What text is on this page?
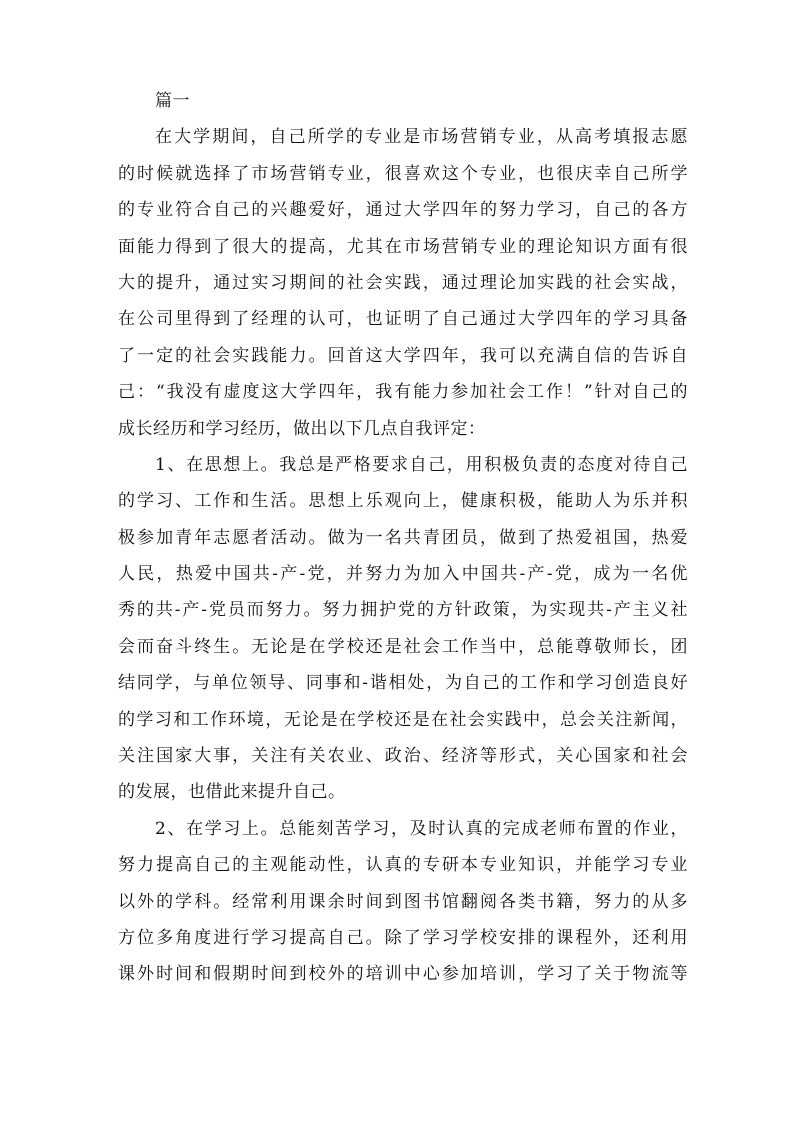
篇一
在大学期间，自己所学的专业是市场营销专业，从高考填报志愿
的时候就选择了市场营销专业，很喜欢这个专业，也很庆幸自己所学
的专业符合自己的兴趣爱好，通过大学四年的努力学习，自己的各方
面能力得到了很大的提高，尤其在市场营销专业的理论知识方面有很
大的提升，通过实习期间的社会实践，通过理论加实践的社会实战，
在公司里得到了经理的认可，也证明了自己通过大学四年的学习具备
了一定的社会实践能力。回首这大学四年，我可以充满自信的告诉自
己：“我没有虚度这大学四年，我有能力参加社会工作！”针对自己的
成长经历和学习经历，做出以下几点自我评定：
1、在思想上。我总是严格要求自己，用积极负责的态度对待自己
的学习、工作和生活。思想上乐观向上，健康积极，能助人为乐并积
极参加青年志愿者活动。做为一名共青团员，做到了热爱祖国，热爱
人民，热爱中国共-产-党，并努力为加入中国共-产-党，成为一名优
秀的共-产-党员而努力。努力拥护党的方针政策，为实现共-产主义社
会而奋斗终生。无论是在学校还是社会工作当中，总能尊敬师长，团
结同学，与单位领导、同事和-谐相处，为自己的工作和学习创造良好
的学习和工作环境，无论是在学校还是在社会实践中，总会关注新闻，
关注国家大事，关注有关农业、政治、经济等形式，关心国家和社会
的发展，也借此来提升自己。
2、在学习上。总能刻苦学习，及时认真的完成老师布置的作业，
努力提高自己的主观能动性，认真的专研本专业知识，并能学习专业
以外的学科。经常利用课余时间到图书馆翻阅各类书籍，努力的从多
方位多角度进行学习提高自己。除了学习学校安排的课程外，还利用
课外时间和假期时间到校外的培训中心参加培训，学习了关于物流等
